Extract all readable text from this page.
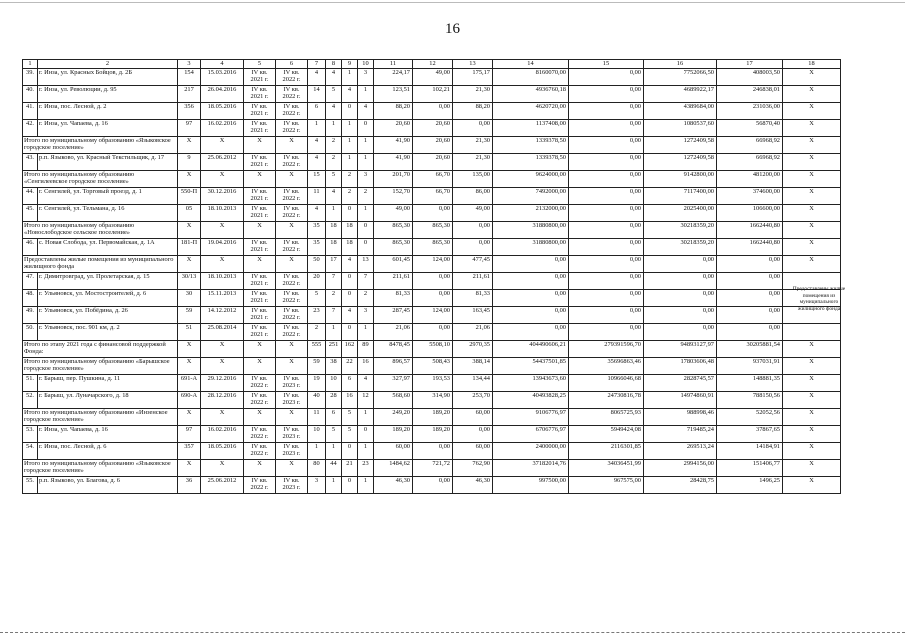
16
1	2	3	4	5	6	7	8	9	10	11	12	13	14	15	16	17	18
39.	г. Инза, ул. Красных Бойцов, д. 2Б	154	15.03.2016	IV кв. 2021 г.	IV кв. 2022 г.	4	4	1	3	224,17	49,00	175,17	8160070,00	0,00	7752066,50	408003,50	X
40.	г. Инза, ул. Революции, д. 95	217	26.04.2016	IV кв. 2021 г.	IV кв. 2022 г.	14	5	4	1	123,51	102,21	21,30	4936760,18	0,00	4689922,17	246838,01	X
41.	г. Инза, пос. Лесной, д. 2	356	18.05.2016	IV кв. 2021 г.	IV кв. 2022 г.	6	4	0	4	88,20	0,00	88,20	4620720,00	0,00	4389684,00	231036,00	X
42.	г. Инза, ул. Чапаева, д. 16	97	16.02.2016	IV кв. 2021 г.	IV кв. 2022 г.	1	1	1	0	20,60	20,60	0,00	1137408,00	0,00	1080537,60	56870,40	X
Итого по муниципальному образованию «Языковское городское поселение»		X	X	X	X	4	2	1	1	41,90	20,60	21,30	1339378,50	0,00	1272409,58	66968,92	X
43.	р.п. Языково, ул. Красный Текстильщик, д. 17	9	25.06.2012	IV кв. 2021 г.	IV кв. 2022 г.	4	2	1	1	41,90	20,60	21,30	1339378,50	0,00	1272409,58	66968,92	X
Итого по муниципальному образованию «Сенгилеевское городское поселение»		X	X	X	X	15	5	2	3	201,70	66,70	135,00	9624000,00	0,00	9142800,00	481200,00	X
44.	г. Сенгилей, ул. Торговый проезд, д. 1	550-П	30.12.2016	IV кв. 2021 г.	IV кв. 2022 г.	11	4	2	2	152,70	66,70	86,00	7492000,00	0,00	7117400,00	374600,00	X
45.	г. Сенгилей, ул. Тельмана, д. 16	05	18.10.2013	IV кв. 2021 г.	IV кв. 2022 г.	4	1	0	1	49,00	0,00	49,00	2132000,00	0,00	2025400,00	106600,00	X
Итого по муниципальному образованию «Новослободское сельское поселение»		X	X	X	X	35	18	18	0	865,30	865,30	0,00	31880800,00	0,00	30218359,20	1662440,80	X
46.	с. Новая Слобода, ул. Первомайская, д. 1А	181-П	19.04.2016	IV кв. 2021 г.	IV кв. 2022 г.	35	18	18	0	865,30	865,30	0,00	31880800,00	0,00	30218359,20	1662440,80	X
Предоставлены жилые помещения из муниципального жилищного фонда		X	X	X	X	50	17	4	13	601,45	124,00	477,45	0,00	0,00	0,00	0,00	X
47.	г. Димитровград, ул. Пролетарская, д. 15	30/13	18.10.2013	IV кв. 2021 г.	IV кв. 2022 г.	20	7	0	7	211,61	0,00	211,61	0,00	0,00	0,00	0,00	
48.	г. Ульяновск, ул. Мостостроителей, д. 6	30	15.11.2013	IV кв. 2021 г.	IV кв. 2022 г.	5	2	0	2	81,33	0,00	81,33	0,00	0,00	0,00	0,00	
49.	г. Ульяновск, ул. Побёдина, д. 26	59	14.12.2012	IV кв. 2021 г.	IV кв. 2022 г.	23	7	4	3	287,45	124,00	163,45	0,00	0,00	0,00	0,00	
50.	г. Ульяновск, пос. 901 км, д. 2	51	25.08.2014	IV кв. 2021 г.	IV кв. 2022 г.	2	1	0	1	21,06	0,00	21,06	0,00	0,00	0,00	0,00	
Итого по этапу 2021 года с финансовой поддержкой Фонда:		X	X	X	X	555	251	162	89	8478,45	5508,10	2970,35	404490606,21	279391596,70	94893127,97	30205881,54	X
Итого по муниципальному образованию «Барышское городское поселение»		X	X	X	X	59	38	22	16	896,57	508,43	388,14	54437501,85	35696863,46	17803606,48	937031,91	X
51.	г. Барыш, пер. Пушкина, д. 11	691-А	29.12.2016	IV кв. 2022 г.	IV кв. 2023 г.	19	10	6	4	327,97	193,53	134,44	13943673,60	10966046,68	2828745,57	148881,35	X
52.	г. Барыш, ул. Луначарского, д. 18	690-А	28.12.2016	IV кв. 2022 г.	IV кв. 2023 г.	40	28	16	12	568,60	314,90	253,70	40493828,25	24730816,78	14974860,91	788150,56	X
Итого по муниципальному образованию «Инзенское городское поселение»		X	X	X	X	11	6	5	1	249,20	189,20	60,00	9106776,97	8065725,93	988998,46	52052,56	X
53.	г. Инза, ул. Чапаева, д. 16	97	16.02.2016	IV кв. 2022 г.	IV кв. 2023 г.	10	5	5	0	189,20	189,20	0,00	6706776,97	5949424,08	719485,24	37867,65	X
54.	г. Инза, пос. Лесной, д. 6	357	18.05.2016	IV кв. 2022 г.	IV кв. 2023 г.	1	1	0	1	60,00	0,00	60,00	2400000,00	2116301,85	269513,24	14184,91	X
Итого по муниципальному образованию «Языковское городское поселение»		X	X	X	X	80	44	21	23	1484,62	721,72	762,90	37182014,76	34036451,99	2994156,00	151406,77	X
55.	р.п. Языково, ул. Благова, д. 6	36	25.06.2012	IV кв. 2022 г.	IV кв. 2023 г.	3	1	0	1	46,30	0,00	46,30	997500,00	967575,00	28428,75	1496,25	X
Предоставлены жилые помещения из муниципального жилищного фонда
